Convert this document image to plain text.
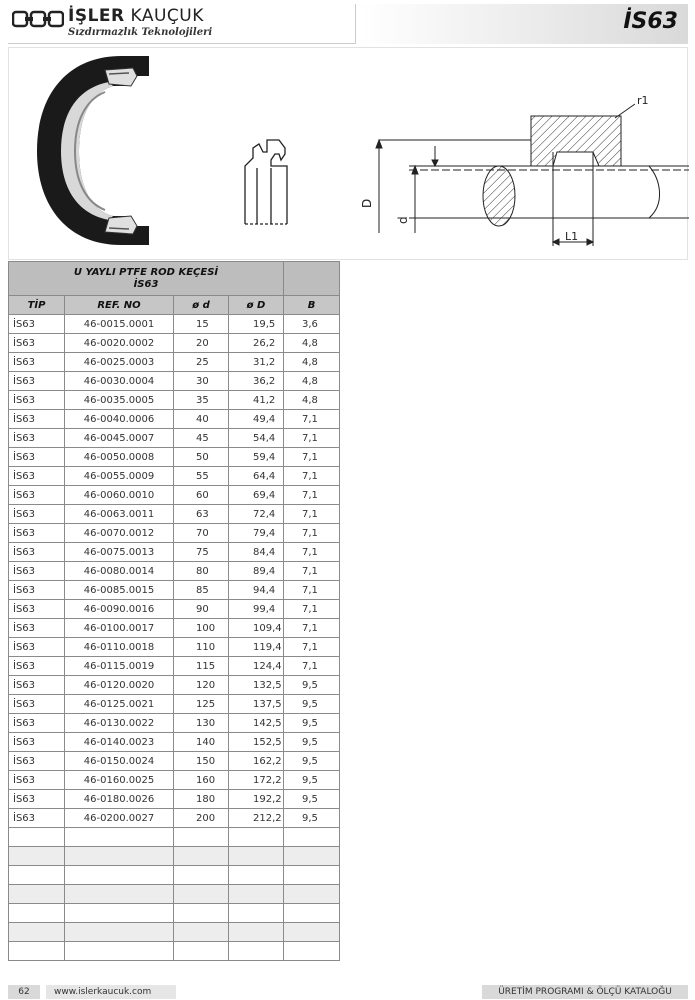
İŞLER KAUÇUK
Sızdırmazlık Teknolojileri	İS63
r1
D
d
L1
U YAYLI PTFE ROD KEÇESİ
İS63				

TİP	REF. NO	ø d	ø D	B
İS63	46-0015.0001	15	19,5	3,6
İS63	46-0020.0002	20	26,2	4,8
İS63	46-0025.0003	25	31,2	4,8
İS63	46-0030.0004	30	36,2	4,8
İS63	46-0035.0005	35	41,2	4,8
İS63	46-0040.0006	40	49,4	7,1
İS63	46-0045.0007	45	54,4	7,1
İS63	46-0050.0008	50	59,4	7,1
İS63	46-0055.0009	55	64,4	7,1
İS63	46-0060.0010	60	69,4	7,1
İS63	46-0063.0011	63	72,4	7,1
İS63	46-0070.0012	70	79,4	7,1
İS63	46-0075.0013	75	84,4	7,1
İS63	46-0080.0014	80	89,4	7,1
İS63	46-0085.0015	85	94,4	7,1
İS63	46-0090.0016	90	99,4	7,1
İS63	46-0100.0017	100	109,4	7,1
İS63	46-0110.0018	110	119,4	7,1
İS63	46-0115.0019	115	124,4	7,1
İS63	46-0120.0020	120	132,5	9,5
İS63	46-0125.0021	125	137,5	9,5
İS63	46-0130.0022	130	142,5	9,5
İS63	46-0140.0023	140	152,5	9,5
İS63	46-0150.0024	150	162,2	9,5
İS63	46-0160.0025	160	172,2	9,5
İS63	46-0180.0026	180	192,2	9,5
İS63	46-0200.0027	200	212,2	9,5

62	www.islerkaucuk.com	ÜRETİM PROGRAMI & ÖLÇÜ KATALOĞU
